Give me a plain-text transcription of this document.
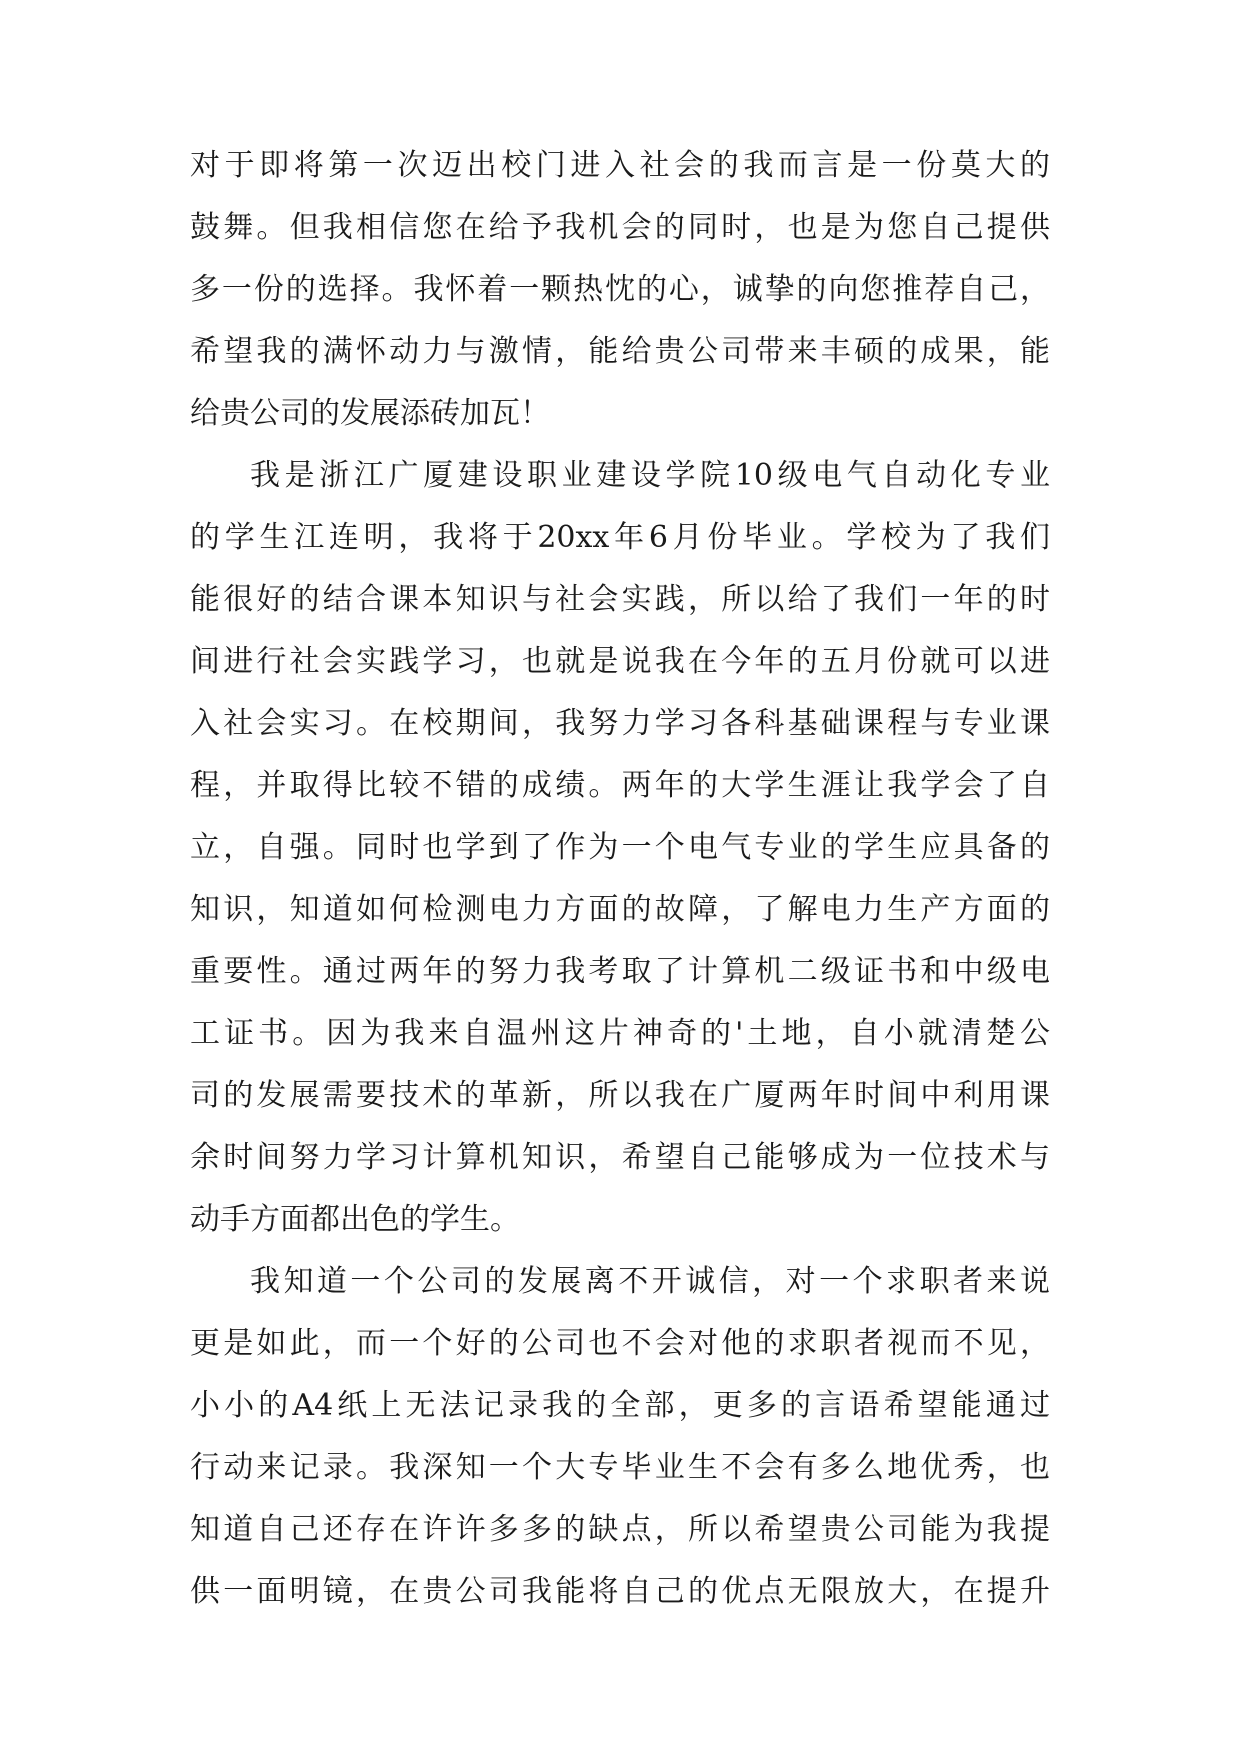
对于即将第一次迈出校门进入社会的我而言是一份莫大的
鼓舞。但我相信您在给予我机会的同时，也是为您自己提供
多一份的选择。我怀着一颗热忱的心，诚挚的向您推荐自己，
希望我的满怀动力与激情，能给贵公司带来丰硕的成果，能
给贵公司的发展添砖加瓦！
我是浙江广厦建设职业建设学院10级电气自动化专业
的学生江连明，我将于20xx年6月份毕业。学校为了我们
能很好的结合课本知识与社会实践，所以给了我们一年的时
间进行社会实践学习，也就是说我在今年的五月份就可以进
入社会实习。在校期间，我努力学习各科基础课程与专业课
程，并取得比较不错的成绩。两年的大学生涯让我学会了自
立，自强。同时也学到了作为一个电气专业的学生应具备的
知识，知道如何检测电力方面的故障，了解电力生产方面的
重要性。通过两年的努力我考取了计算机二级证书和中级电
工证书。因为我来自温州这片神奇的'土地，自小就清楚公
司的发展需要技术的革新，所以我在广厦两年时间中利用课
余时间努力学习计算机知识，希望自己能够成为一位技术与
动手方面都出色的学生。
我知道一个公司的发展离不开诚信，对一个求职者来说
更是如此，而一个好的公司也不会对他的求职者视而不见，
小小的A4纸上无法记录我的全部，更多的言语希望能通过
行动来记录。我深知一个大专毕业生不会有多么地优秀，也
知道自己还存在许许多多的缺点，所以希望贵公司能为我提
供一面明镜，在贵公司我能将自己的优点无限放大，在提升
